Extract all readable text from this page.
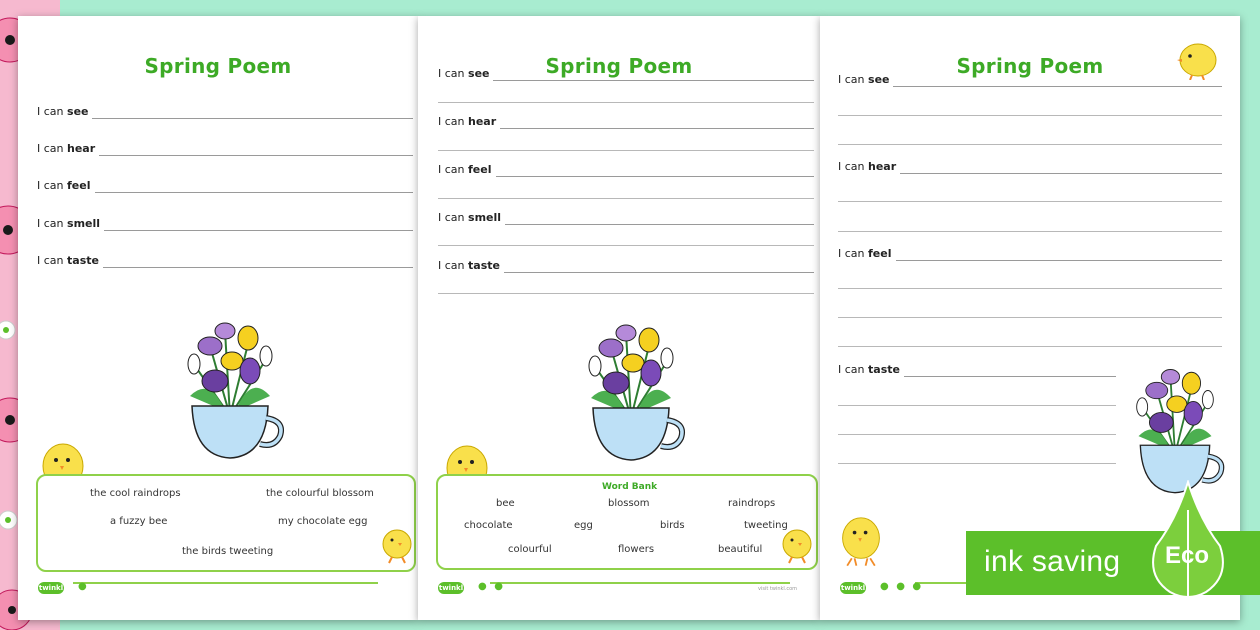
Spring Poem
I can see
I can hear
I can feel
I can smell
I can taste
the cool raindrops	the colourful blossom
a fuzzy bee	my chocolate egg
the birds tweeting
twinkl ●
Spring Poem
I can see
I can hear
I can feel
I can smell
I can taste
Word Bank
bee	blossom	raindrops
chocolate	egg	birds	tweeting
colourful	flowers	beautiful
twinkl ● ●	visit twinkl.com
Spring Poem
I can see
I can hear
I can feel
I can taste
twinkl ● ● ●
ink saving	Eco
